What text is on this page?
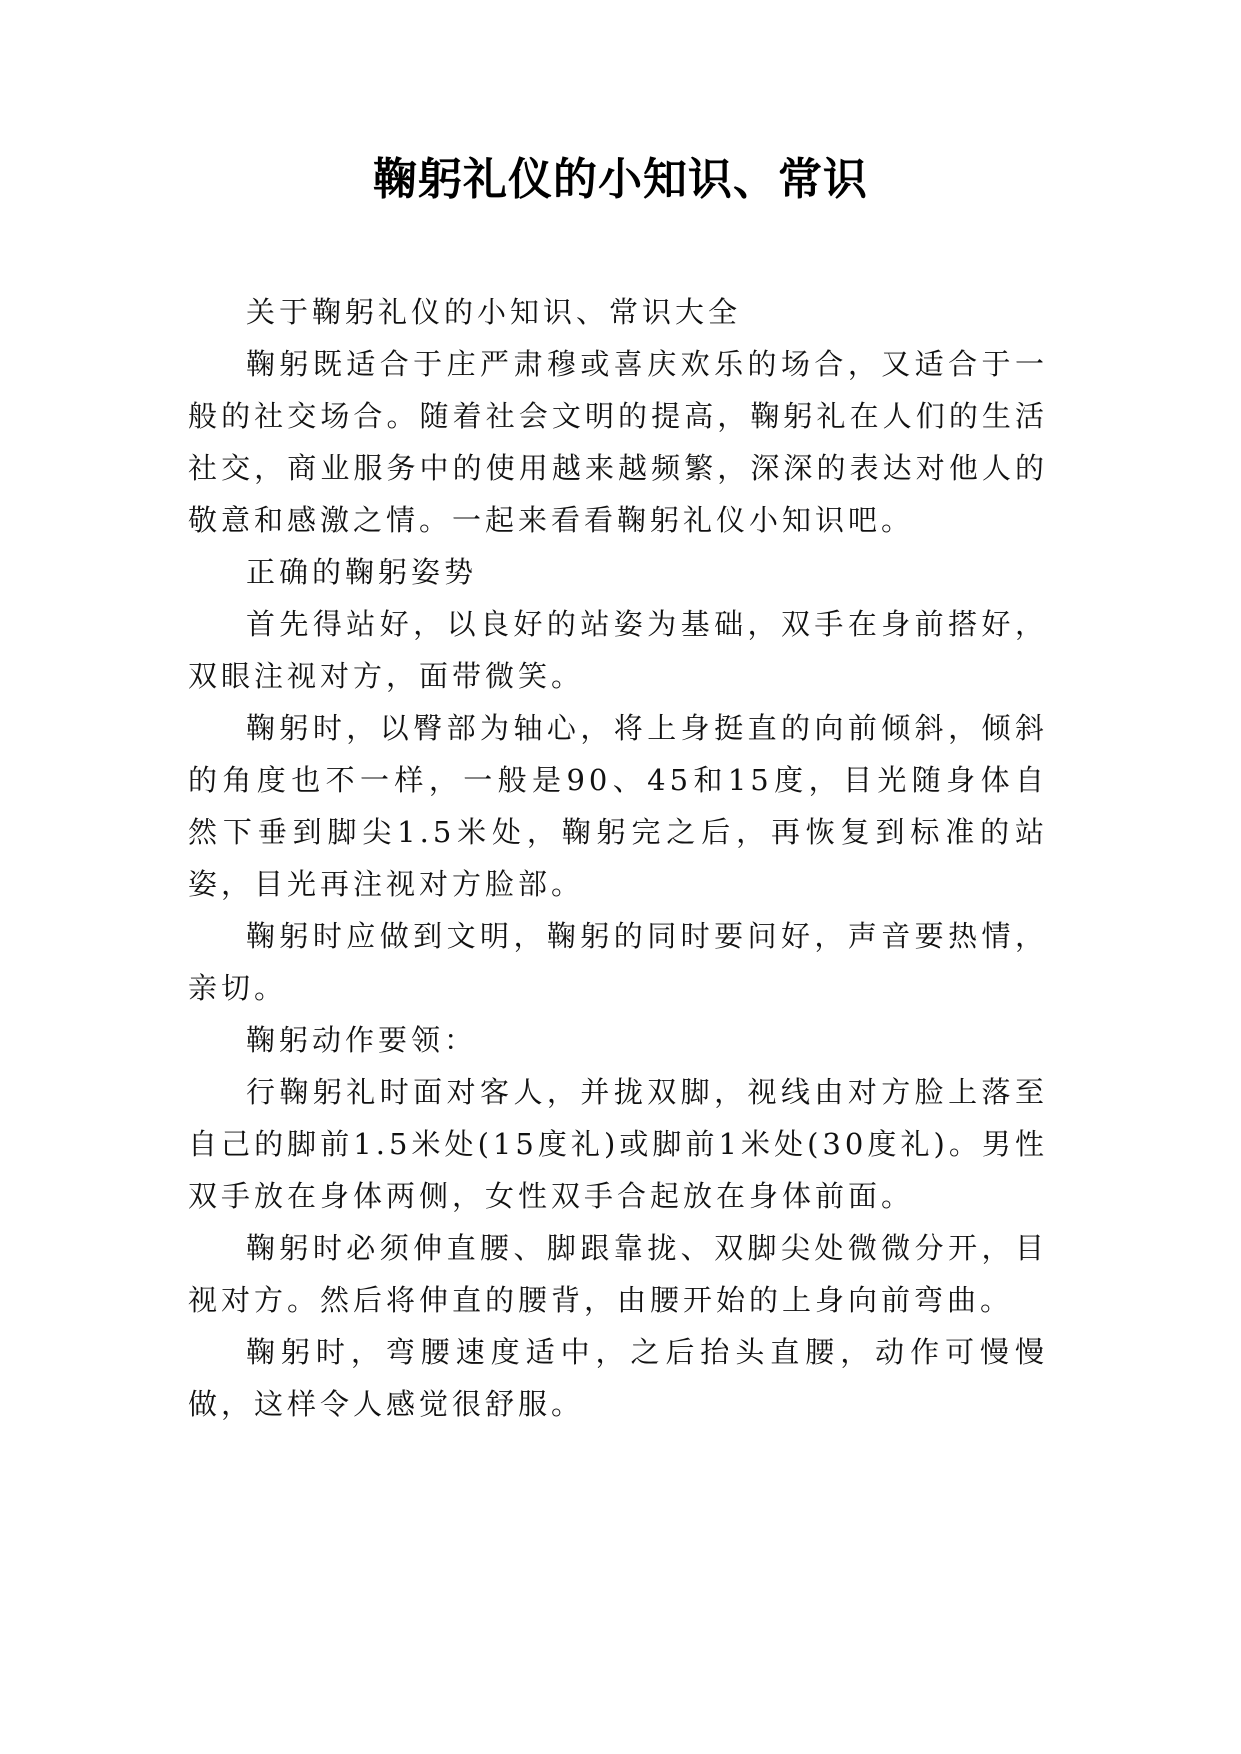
鞠躬礼仪的小知识、常识

关于鞠躬礼仪的小知识、常识大全

鞠躬既适合于庄严肃穆或喜庆欢乐的场合，又适合于一般的社交场合。随着社会文明的提高，鞠躬礼在人们的生活社交，商业服务中的使用越来越频繁，深深的表达对他人的敬意和感激之情。一起来看看鞠躬礼仪小知识吧。

正确的鞠躬姿势

首先得站好，以良好的站姿为基础，双手在身前搭好，双眼注视对方，面带微笑。

鞠躬时，以臀部为轴心，将上身挺直的向前倾斜，倾斜的角度也不一样，一般是90、45和15度，目光随身体自然下垂到脚尖1.5米处，鞠躬完之后，再恢复到标准的站姿，目光再注视对方脸部。

鞠躬时应做到文明，鞠躬的同时要问好，声音要热情，亲切。

鞠躬动作要领：

行鞠躬礼时面对客人，并拢双脚，视线由对方脸上落至自己的脚前1.5米处(15度礼)或脚前1米处(30度礼)。男性双手放在身体两侧，女性双手合起放在身体前面。

鞠躬时必须伸直腰、脚跟靠拢、双脚尖处微微分开，目视对方。然后将伸直的腰背，由腰开始的上身向前弯曲。

鞠躬时，弯腰速度适中，之后抬头直腰，动作可慢慢做，这样令人感觉很舒服。
